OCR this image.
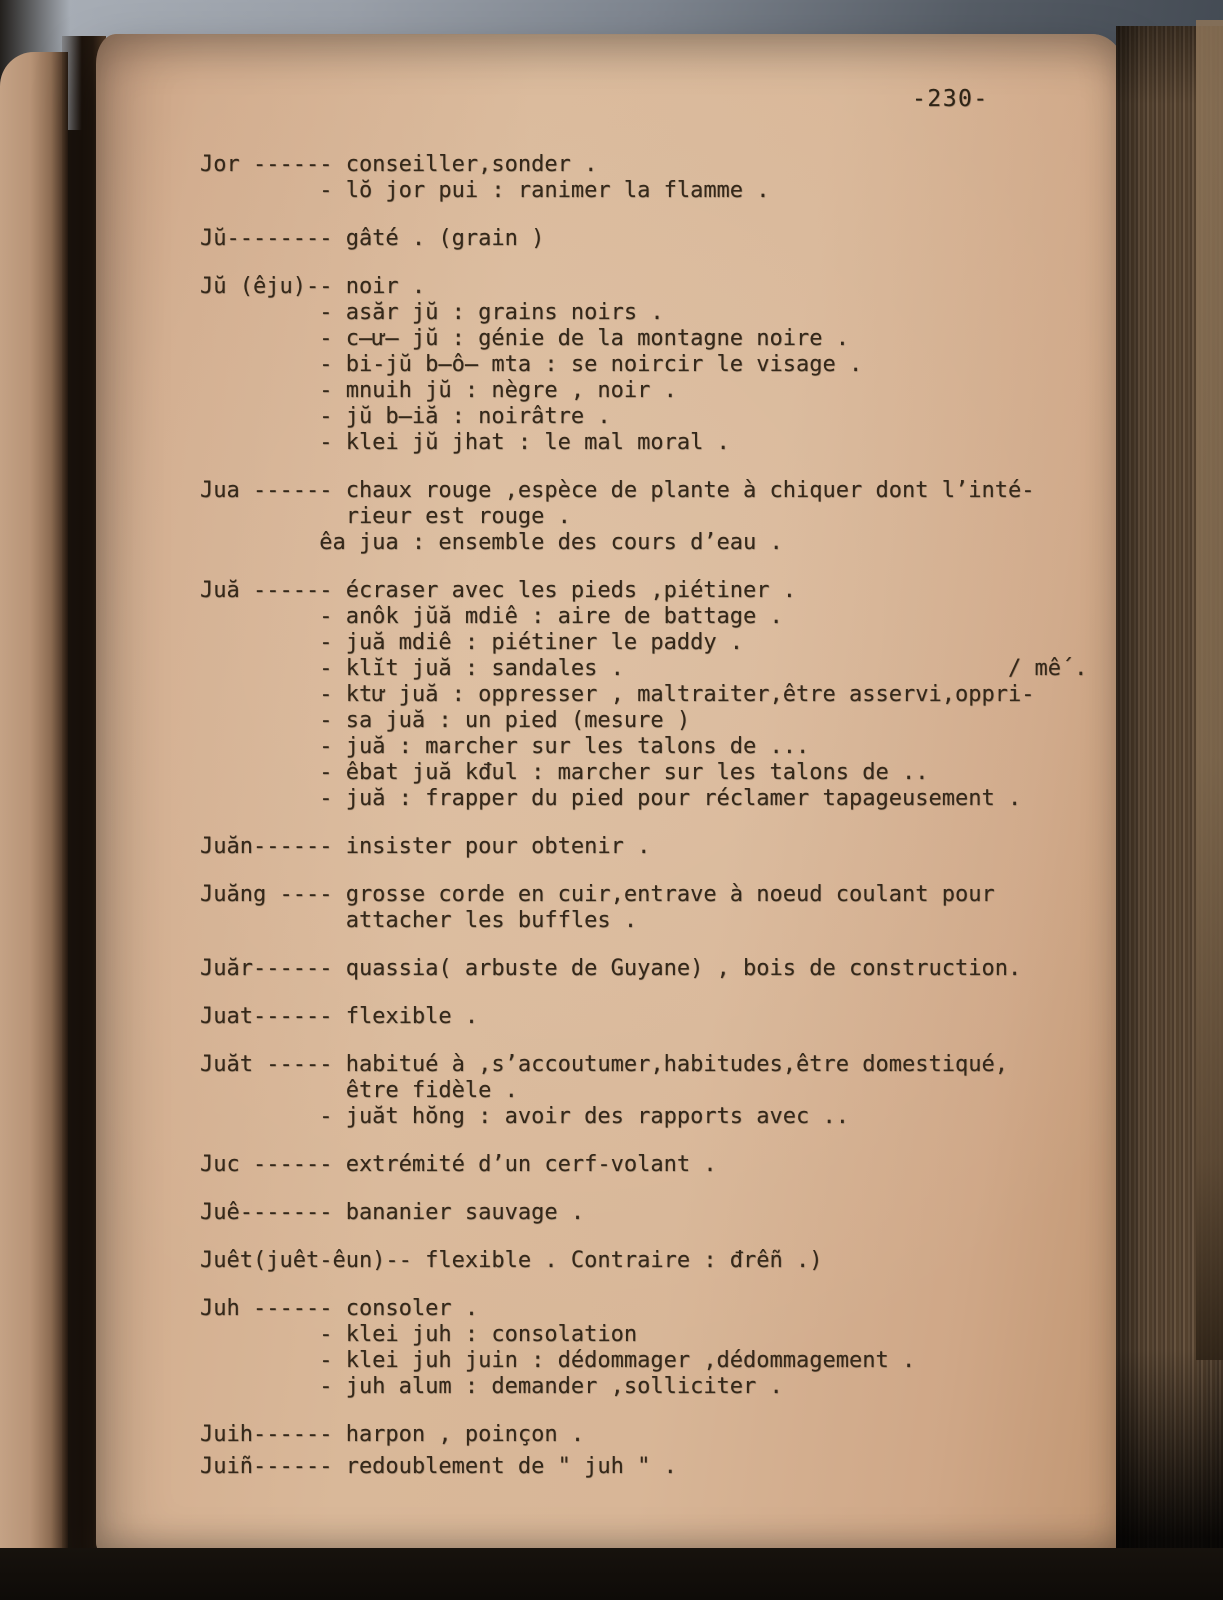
-230-
Jor ------ conseiller,sonder .
- lŏ jor pui : ranimer la flamme .
Jŭ-------- gâté . (grain )
Jŭ (êju)-- noir .
- asăr jŭ : grains noirs .
- c̶ư̶ jŭ : génie de la montagne noire .
- bi-jŭ b̶ô̶ mta : se noircir le visage .
- mnuih jŭ : nègre , noir .
- jŭ b̶iă : noirâtre .
- klei jŭ jhat : le mal moral .
Jua ------ chaux rouge ,espèce de plante à chiquer dont l’inté-
rieur est rouge .
êa jua : ensemble des cours d’eau .
Juă ------ écraser avec les pieds ,piétiner .
- anôk jŭă mdiê : aire de battage .
- juă mdiê : piétiner le paddy .
- klĭt juă : sandales .                             / mế .
- ktư juă : oppresser , maltraiter,être asservi,oppri-
- sa juă : un pied (mesure )
- juă : marcher sur les talons de ...
- êbat juă kđul : marcher sur les talons de ..
- juă : frapper du pied pour réclamer tapageusement .
Juăn------ insister pour obtenir .
Juăng ---- grosse corde en cuir,entrave à noeud coulant pour
attacher les buffles .
Juăr------ quassia( arbuste de Guyane) , bois de construction.
Juat------ flexible .
Juăt ----- habitué à ,s’accoutumer,habitudes,être domestiqué,
être fidèle .
- juăt hŏng : avoir des rapports avec ..
Juc ------ extrémité d’un cerf-volant .
Juê------- bananier sauvage .
Juêt(juêt-êun)-- flexible . Contraire : đrêñ .)
Juh ------ consoler .
- klei juh : consolation
- klei juh juin : dédommager ,dédommagement .
- juh alum : demander ,solliciter .
Juih------ harpon , poinçon .
Juiñ------ redoublement de " juh " .
